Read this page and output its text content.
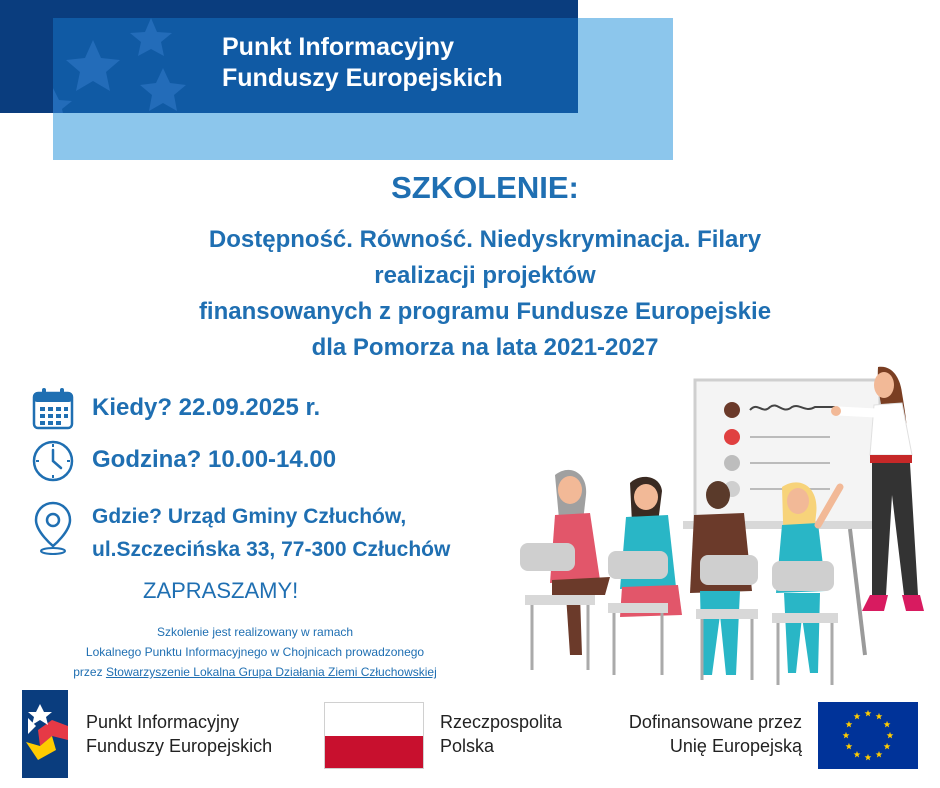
Punkt Informacyjny
Funduszy Europejskich
SZKOLENIE:
Dostępność. Równość. Niedyskryminacja. Filary
realizacji projektów
finansowanych z programu Fundusze Europejskie
dla Pomorza na lata 2021-2027
Kiedy? 22.09.2025 r.
Godzina? 10.00-14.00
Gdzie? Urząd Gminy Człuchów,
ul.Szczecińska 33, 77-300 Człuchów
ZAPRASZAMY!
Szkolenie jest realizowany w ramach
Lokalnego Punktu Informacyjnego w Chojnicach prowadzonego
przez Stowarzyszenie Lokalna Grupa Działania Ziemi Człuchowskiej
Punkt Informacyjny
Funduszy Europejskich
Rzeczpospolita
Polska
Dofinansowane przez
Unię Europejską
